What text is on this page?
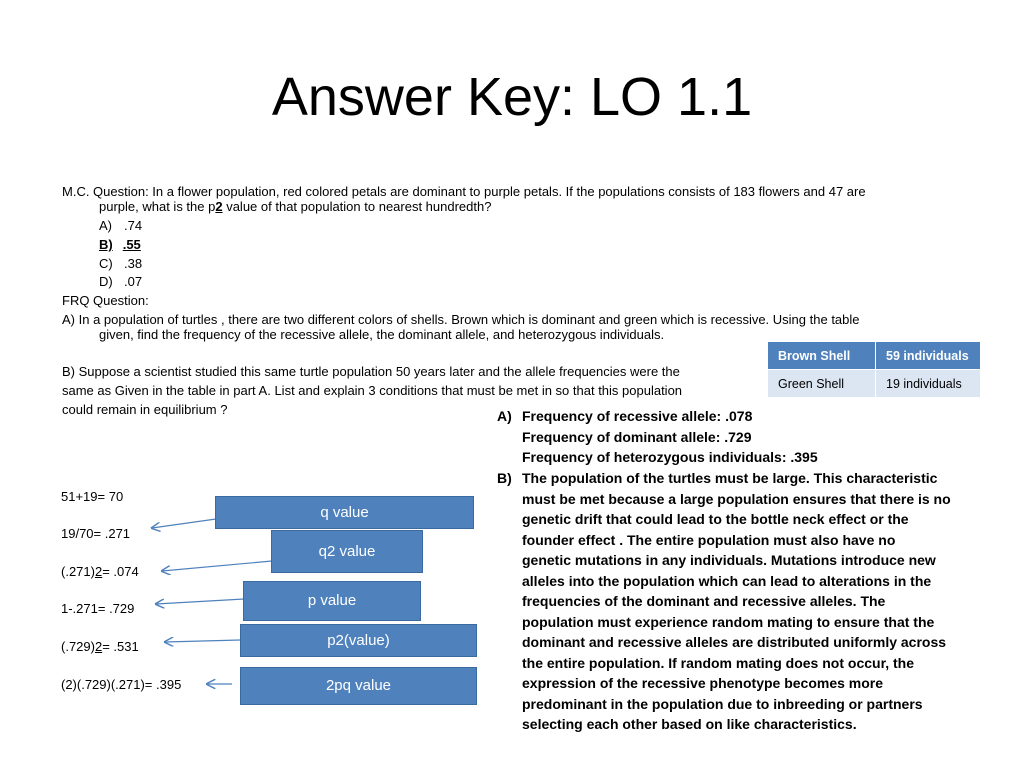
Answer Key: LO 1.1
M.C. Question: In a flower population, red colored petals are dominant to purple petals. If the populations consists of 183 flowers and 47 are
purple, what is the p2 value of that population to nearest hundredth?
A) .74
B) .55
C) .38
D) .07
FRQ Question:
A) In a population of turtles , there are two different colors of shells. Brown which is dominant and green which is recessive. Using the table
given, find the frequency of the recessive allele, the dominant allele, and heterozygous individuals.
B) Suppose a scientist studied this same turtle population 50 years later and the allele frequencies were the
same as Given in the table in part A. List and explain 3 conditions that must be met in so that this population
could remain in equilibrium ?
Brown Shell	59 individuals
Green Shell	19 individuals
A) Frequency of recessive allele: .078
Frequency of dominant allele: .729
Frequency of heterozygous individuals: .395
B) The population of the turtles must be large. This characteristic
must be met because a large population ensures that there is no
genetic drift that could lead to the bottle neck effect or the
founder effect . The entire population must also have no
genetic mutations in any individuals. Mutations introduce new
alleles into the population which can lead to alterations in the
frequencies of the dominant and recessive alleles. The
population must experience random mating to ensure that the
dominant and recessive alleles are distributed uniformly across
the entire population. If random mating does not occur, the
expression of the recessive phenotype becomes more
predominant in the population due to inbreeding or partners
selecting each other based on like characteristics.
51+19= 70
19/70= .271
(.271)2= .074
1-.271= .729
(.729)2= .531
(2)(.729)(.271)= .395
q value
q2 value
p value
p2(value)
2pq value
